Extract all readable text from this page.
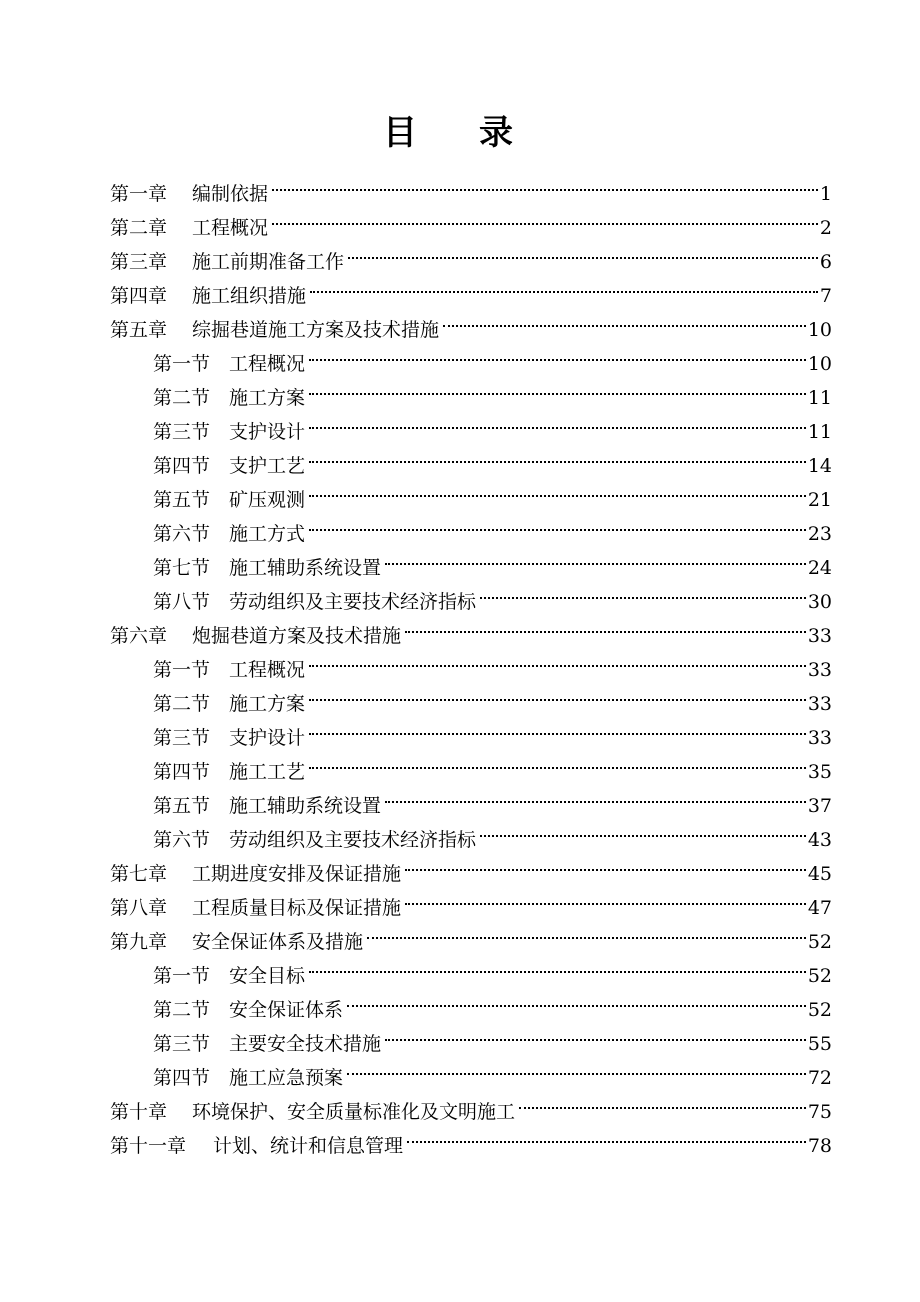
目录
第一章 编制依据	1
第二章 工程概况	2
第三章 施工前期准备工作	6
第四章 施工组织措施	7
第五章 综掘巷道施工方案及技术措施	10
第一节 工程概况	10
第二节 施工方案	11
第三节 支护设计	11
第四节 支护工艺	14
第五节 矿压观测	21
第六节 施工方式	23
第七节 施工辅助系统设置	24
第八节 劳动组织及主要技术经济指标	30
第六章 炮掘巷道方案及技术措施	33
第一节 工程概况	33
第二节 施工方案	33
第三节 支护设计	33
第四节 施工工艺	35
第五节 施工辅助系统设置	37
第六节 劳动组织及主要技术经济指标	43
第七章 工期进度安排及保证措施	45
第八章 工程质量目标及保证措施	47
第九章 安全保证体系及措施	52
第一节 安全目标	52
第二节 安全保证体系	52
第三节 主要安全技术措施	55
第四节 施工应急预案	72
第十章 环境保护、安全质量标准化及文明施工	75
第十一章 计划、统计和信息管理	78
